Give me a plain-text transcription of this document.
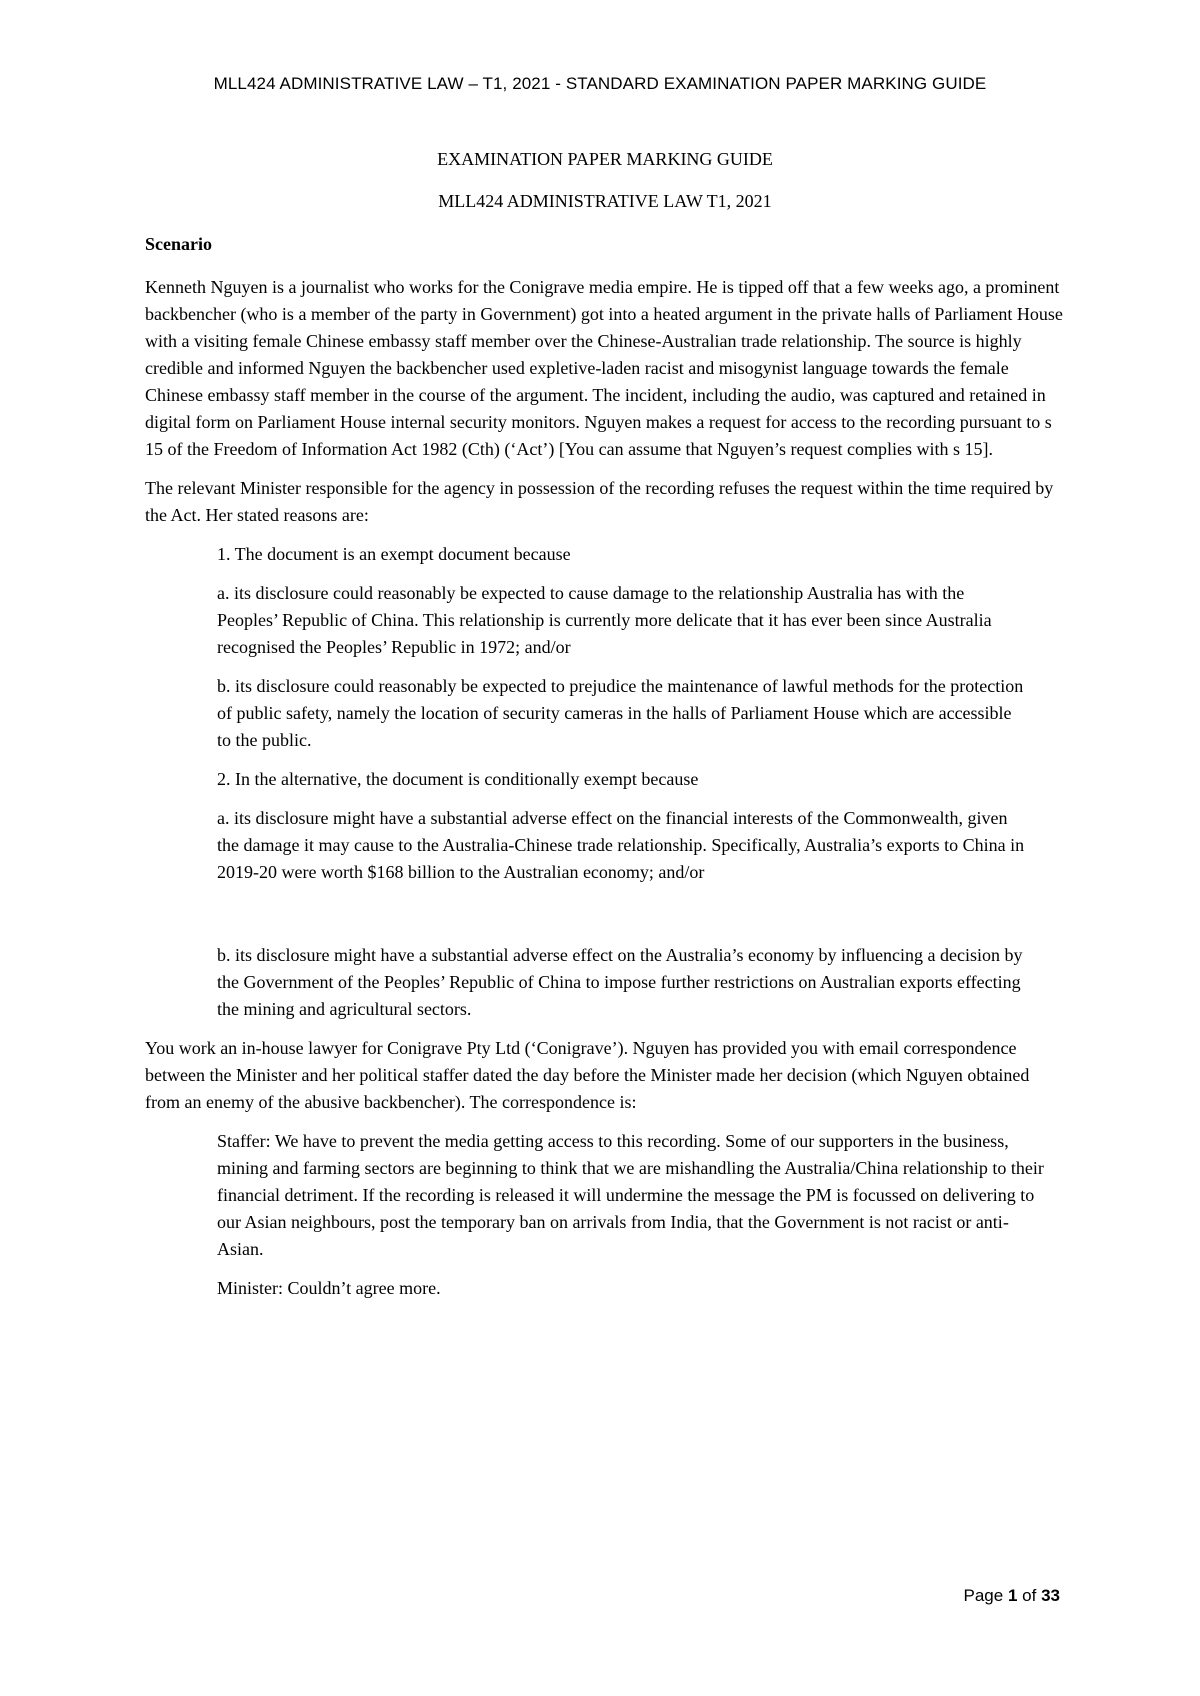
MLL424 ADMINISTRATIVE LAW – T1, 2021 - STANDARD EXAMINATION PAPER MARKING GUIDE
EXAMINATION PAPER MARKING GUIDE
MLL424 ADMINISTRATIVE LAW T1, 2021
Scenario

Kenneth Nguyen is a journalist who works for the Conigrave media empire. He is tipped off that a few weeks ago, a prominent backbencher (who is a member of the party in Government) got into a heated argument in the private halls of Parliament House with a visiting female Chinese embassy staff member over the Chinese-Australian trade relationship. The source is highly credible and informed Nguyen the backbencher used expletive-laden racist and misogynist language towards the female Chinese embassy staff member in the course of the argument. The incident, including the audio, was captured and retained in digital form on Parliament House internal security monitors. Nguyen makes a request for access to the recording pursuant to s 15 of the Freedom of Information Act 1982 (Cth) (‘Act’) [You can assume that Nguyen’s request complies with s 15].

The relevant Minister responsible for the agency in possession of the recording refuses the request within the time required by the Act. Her stated reasons are:

1. The document is an exempt document because

a. its disclosure could reasonably be expected to cause damage to the relationship Australia has with the Peoples’ Republic of China. This relationship is currently more delicate that it has ever been since Australia recognised the Peoples’ Republic in 1972; and/or

b. its disclosure could reasonably be expected to prejudice the maintenance of lawful methods for the protection of public safety, namely the location of security cameras in the halls of Parliament House which are accessible to the public.

2. In the alternative, the document is conditionally exempt because

a. its disclosure might have a substantial adverse effect on the financial interests of the Commonwealth, given the damage it may cause to the Australia-Chinese trade relationship. Specifically, Australia’s exports to China in 2019-20 were worth $168 billion to the Australian economy; and/or

b. its disclosure might have a substantial adverse effect on the Australia’s economy by influencing a decision by the Government of the Peoples’ Republic of China to impose further restrictions on Australian exports effecting the mining and agricultural sectors.

You work an in-house lawyer for Conigrave Pty Ltd (‘Conigrave’). Nguyen has provided you with email correspondence between the Minister and her political staffer dated the day before the Minister made her decision (which Nguyen obtained from an enemy of the abusive backbencher). The correspondence is:

Staffer: We have to prevent the media getting access to this recording. Some of our supporters in the business, mining and farming sectors are beginning to think that we are mishandling the Australia/China relationship to their financial detriment. If the recording is released it will undermine the message the PM is focussed on delivering to our Asian neighbours, post the temporary ban on arrivals from India, that the Government is not racist or anti-Asian.

Minister: Couldn’t agree more.

Page 1 of 33
